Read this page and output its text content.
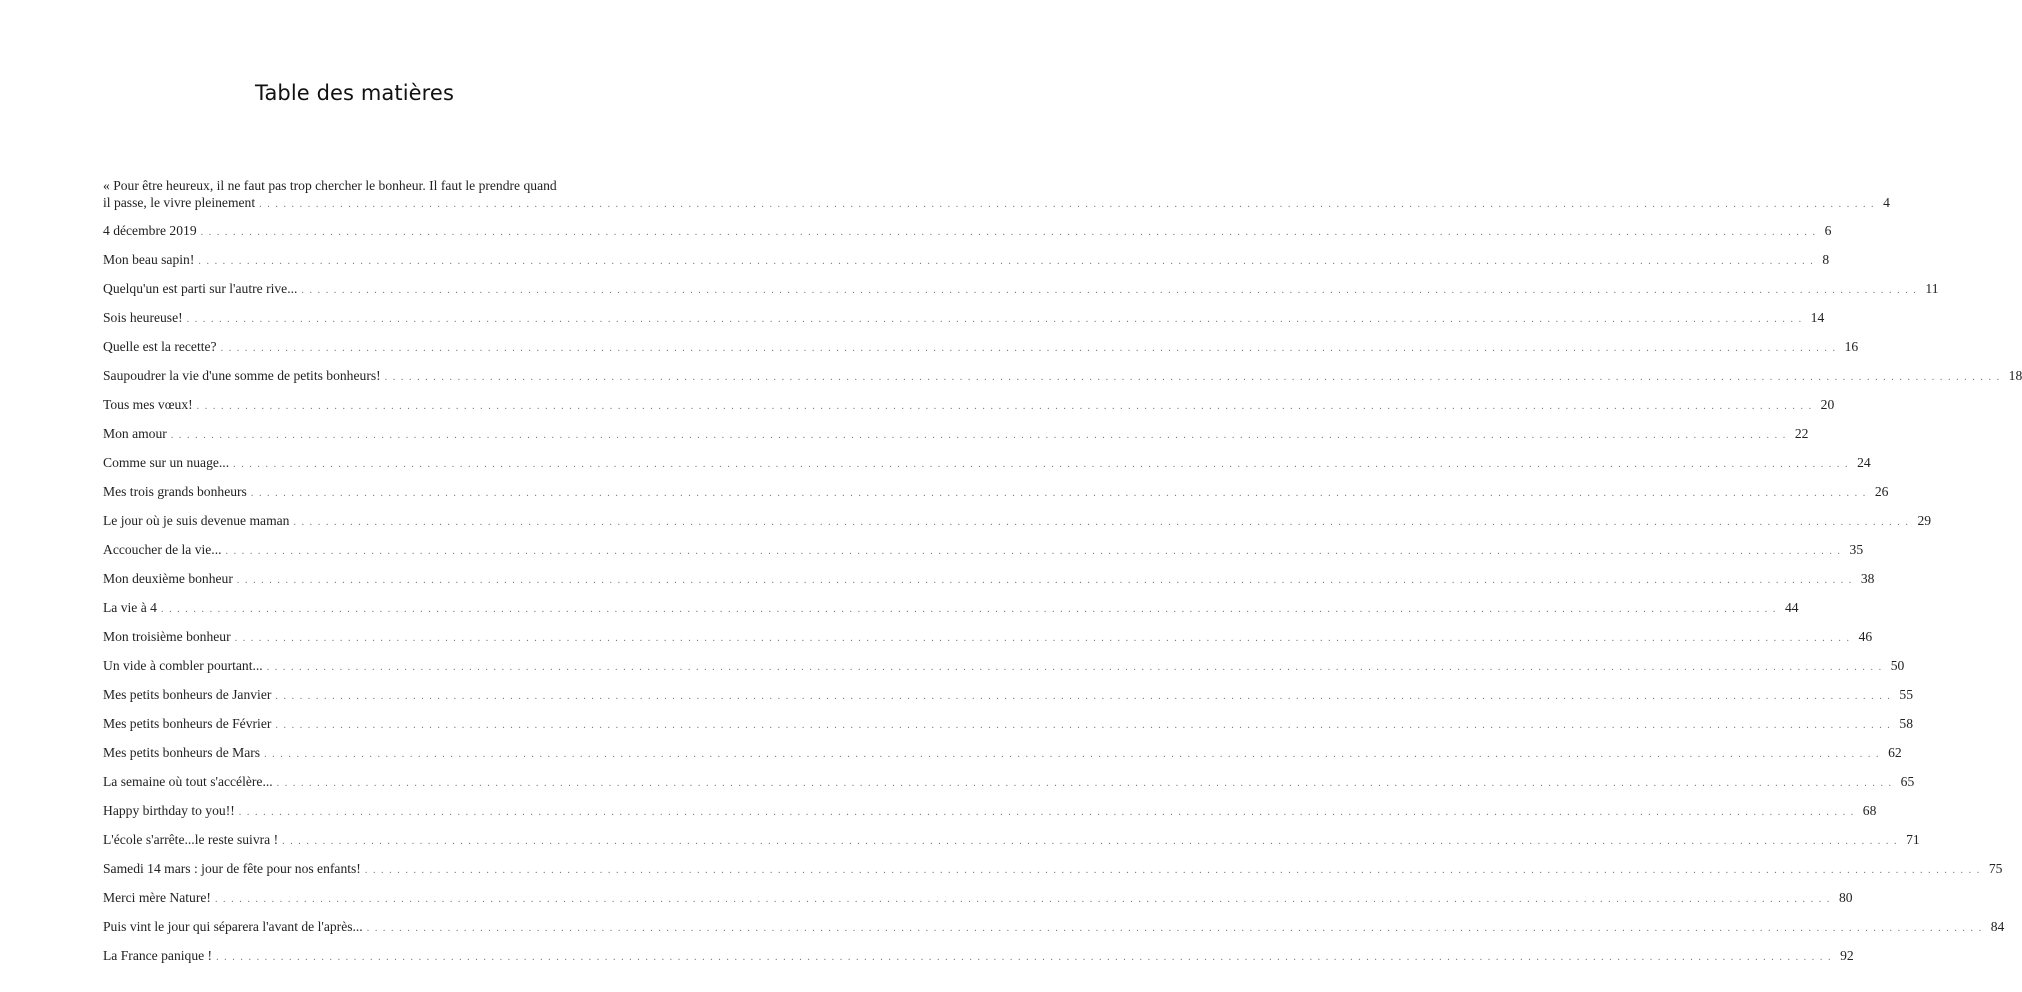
Table des matières
« Pour être heureux, il ne faut pas trop chercher le bonheur. Il faut le prendre quand
il passe, le vivre pleinement ........................................................................................................................................................................................................ 4
4 décembre 2019 ........................................................................................................................................................................................................ 6
Mon beau sapin! ........................................................................................................................................................................................................ 8
Quelqu'un est parti sur l'autre rive... ........................................................................................................................................................................................................ 11
Sois heureuse! ........................................................................................................................................................................................................ 14
Quelle est la recette? ........................................................................................................................................................................................................ 16
Saupoudrer la vie d'une somme de petits bonheurs! ........................................................................................................................................................................................................ 18
Tous mes vœux! ........................................................................................................................................................................................................ 20
Mon amour ........................................................................................................................................................................................................ 22
Comme sur un nuage... ........................................................................................................................................................................................................ 24
Mes trois grands bonheurs ........................................................................................................................................................................................................ 26
Le jour où je suis devenue maman ........................................................................................................................................................................................................ 29
Accoucher de la vie... ........................................................................................................................................................................................................ 35
Mon deuxième bonheur ........................................................................................................................................................................................................ 38
La vie à 4 ........................................................................................................................................................................................................ 44
Mon troisième bonheur ........................................................................................................................................................................................................ 46
Un vide à combler pourtant... ........................................................................................................................................................................................................ 50
Mes petits bonheurs de Janvier ........................................................................................................................................................................................................ 55
Mes petits bonheurs de Février ........................................................................................................................................................................................................ 58
Mes petits bonheurs de Mars ........................................................................................................................................................................................................ 62
La semaine où tout s'accélère... ........................................................................................................................................................................................................ 65
Happy birthday to you!! ........................................................................................................................................................................................................ 68
L'école s'arrête...le reste suivra ! ........................................................................................................................................................................................................ 71
Samedi 14 mars : jour de fête pour nos enfants! ........................................................................................................................................................................................................ 75
Merci mère Nature! ........................................................................................................................................................................................................ 80
Puis vint le jour qui séparera l'avant de l'après... ........................................................................................................................................................................................................ 84
La France panique ! ........................................................................................................................................................................................................ 92
